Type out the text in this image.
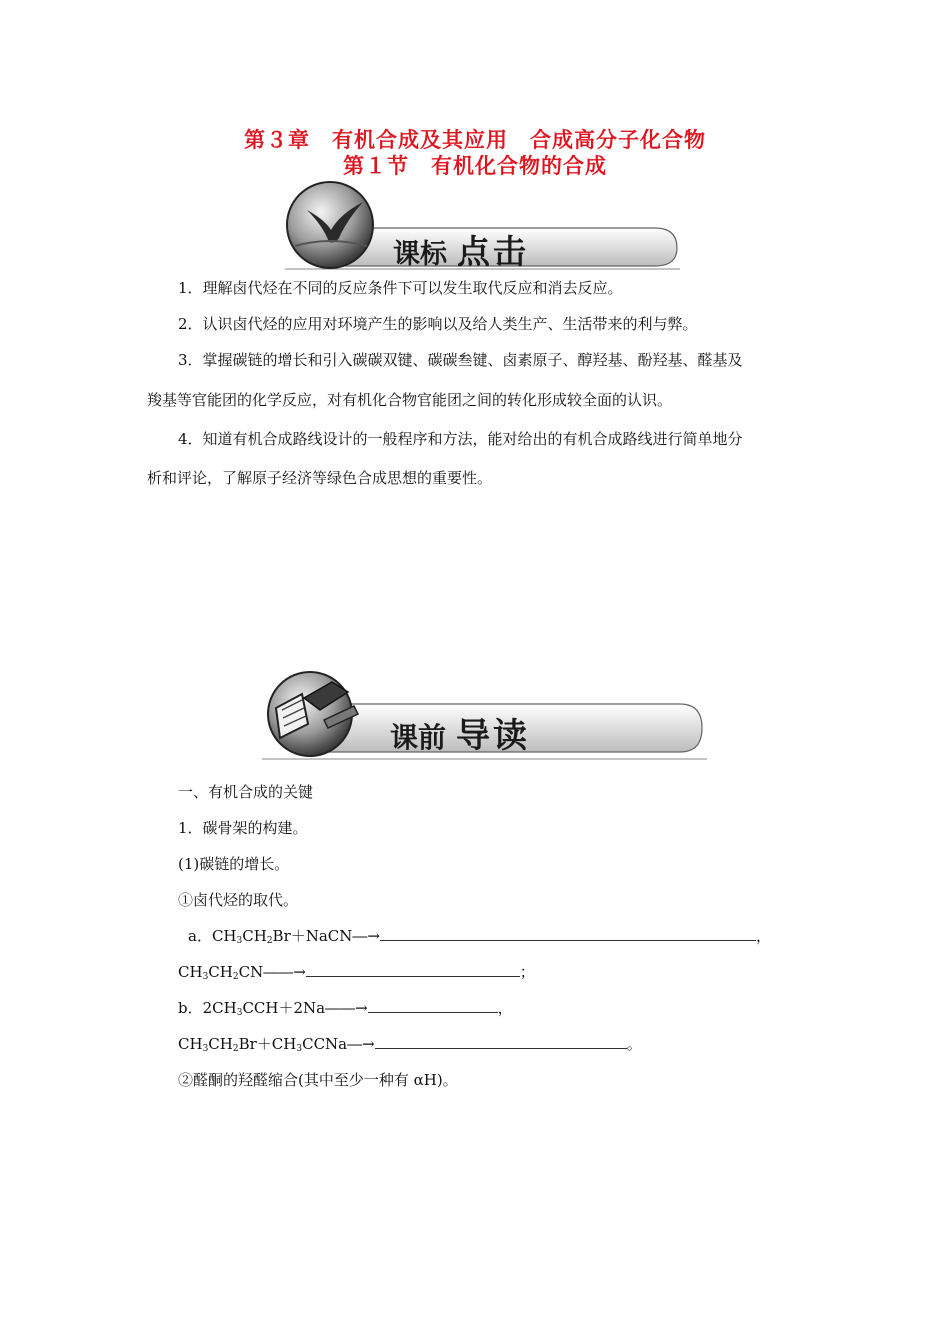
第３章　有机合成及其应用　合成高分子化合物
第１节　有机化合物的合成
课标 点击
1．理解卤代烃在不同的反应条件下可以发生取代反应和消去反应。
2．认识卤代烃的应用对环境产生的影响以及给人类生产、生活带来的利与弊。
3．掌握碳链的增长和引入碳碳双键、碳碳叁键、卤素原子、醇羟基、酚羟基、醛基及
羧基等官能团的化学反应，对有机化合物官能团之间的转化形成较全面的认识。
4．知道有机合成路线设计的一般程序和方法，能对给出的有机合成路线进行简单地分
析和评论，了解原子经济等绿色合成思想的重要性。
课前 导读
一、有机合成的关键
1．碳骨架的构建。
(1)碳链的增长。
①卤代烃的取代。
a．$CH_3CH_2Br+NaCN―\to$	，
$CH_3CH_2CN――\to$	；
b．$2CH_3CCH+2Na――\to$	，
$CH_3CH_2Br+CH_3CCNa―\to$	。
②醛酮的羟醛缩合(其中至少一种有 αH)。
